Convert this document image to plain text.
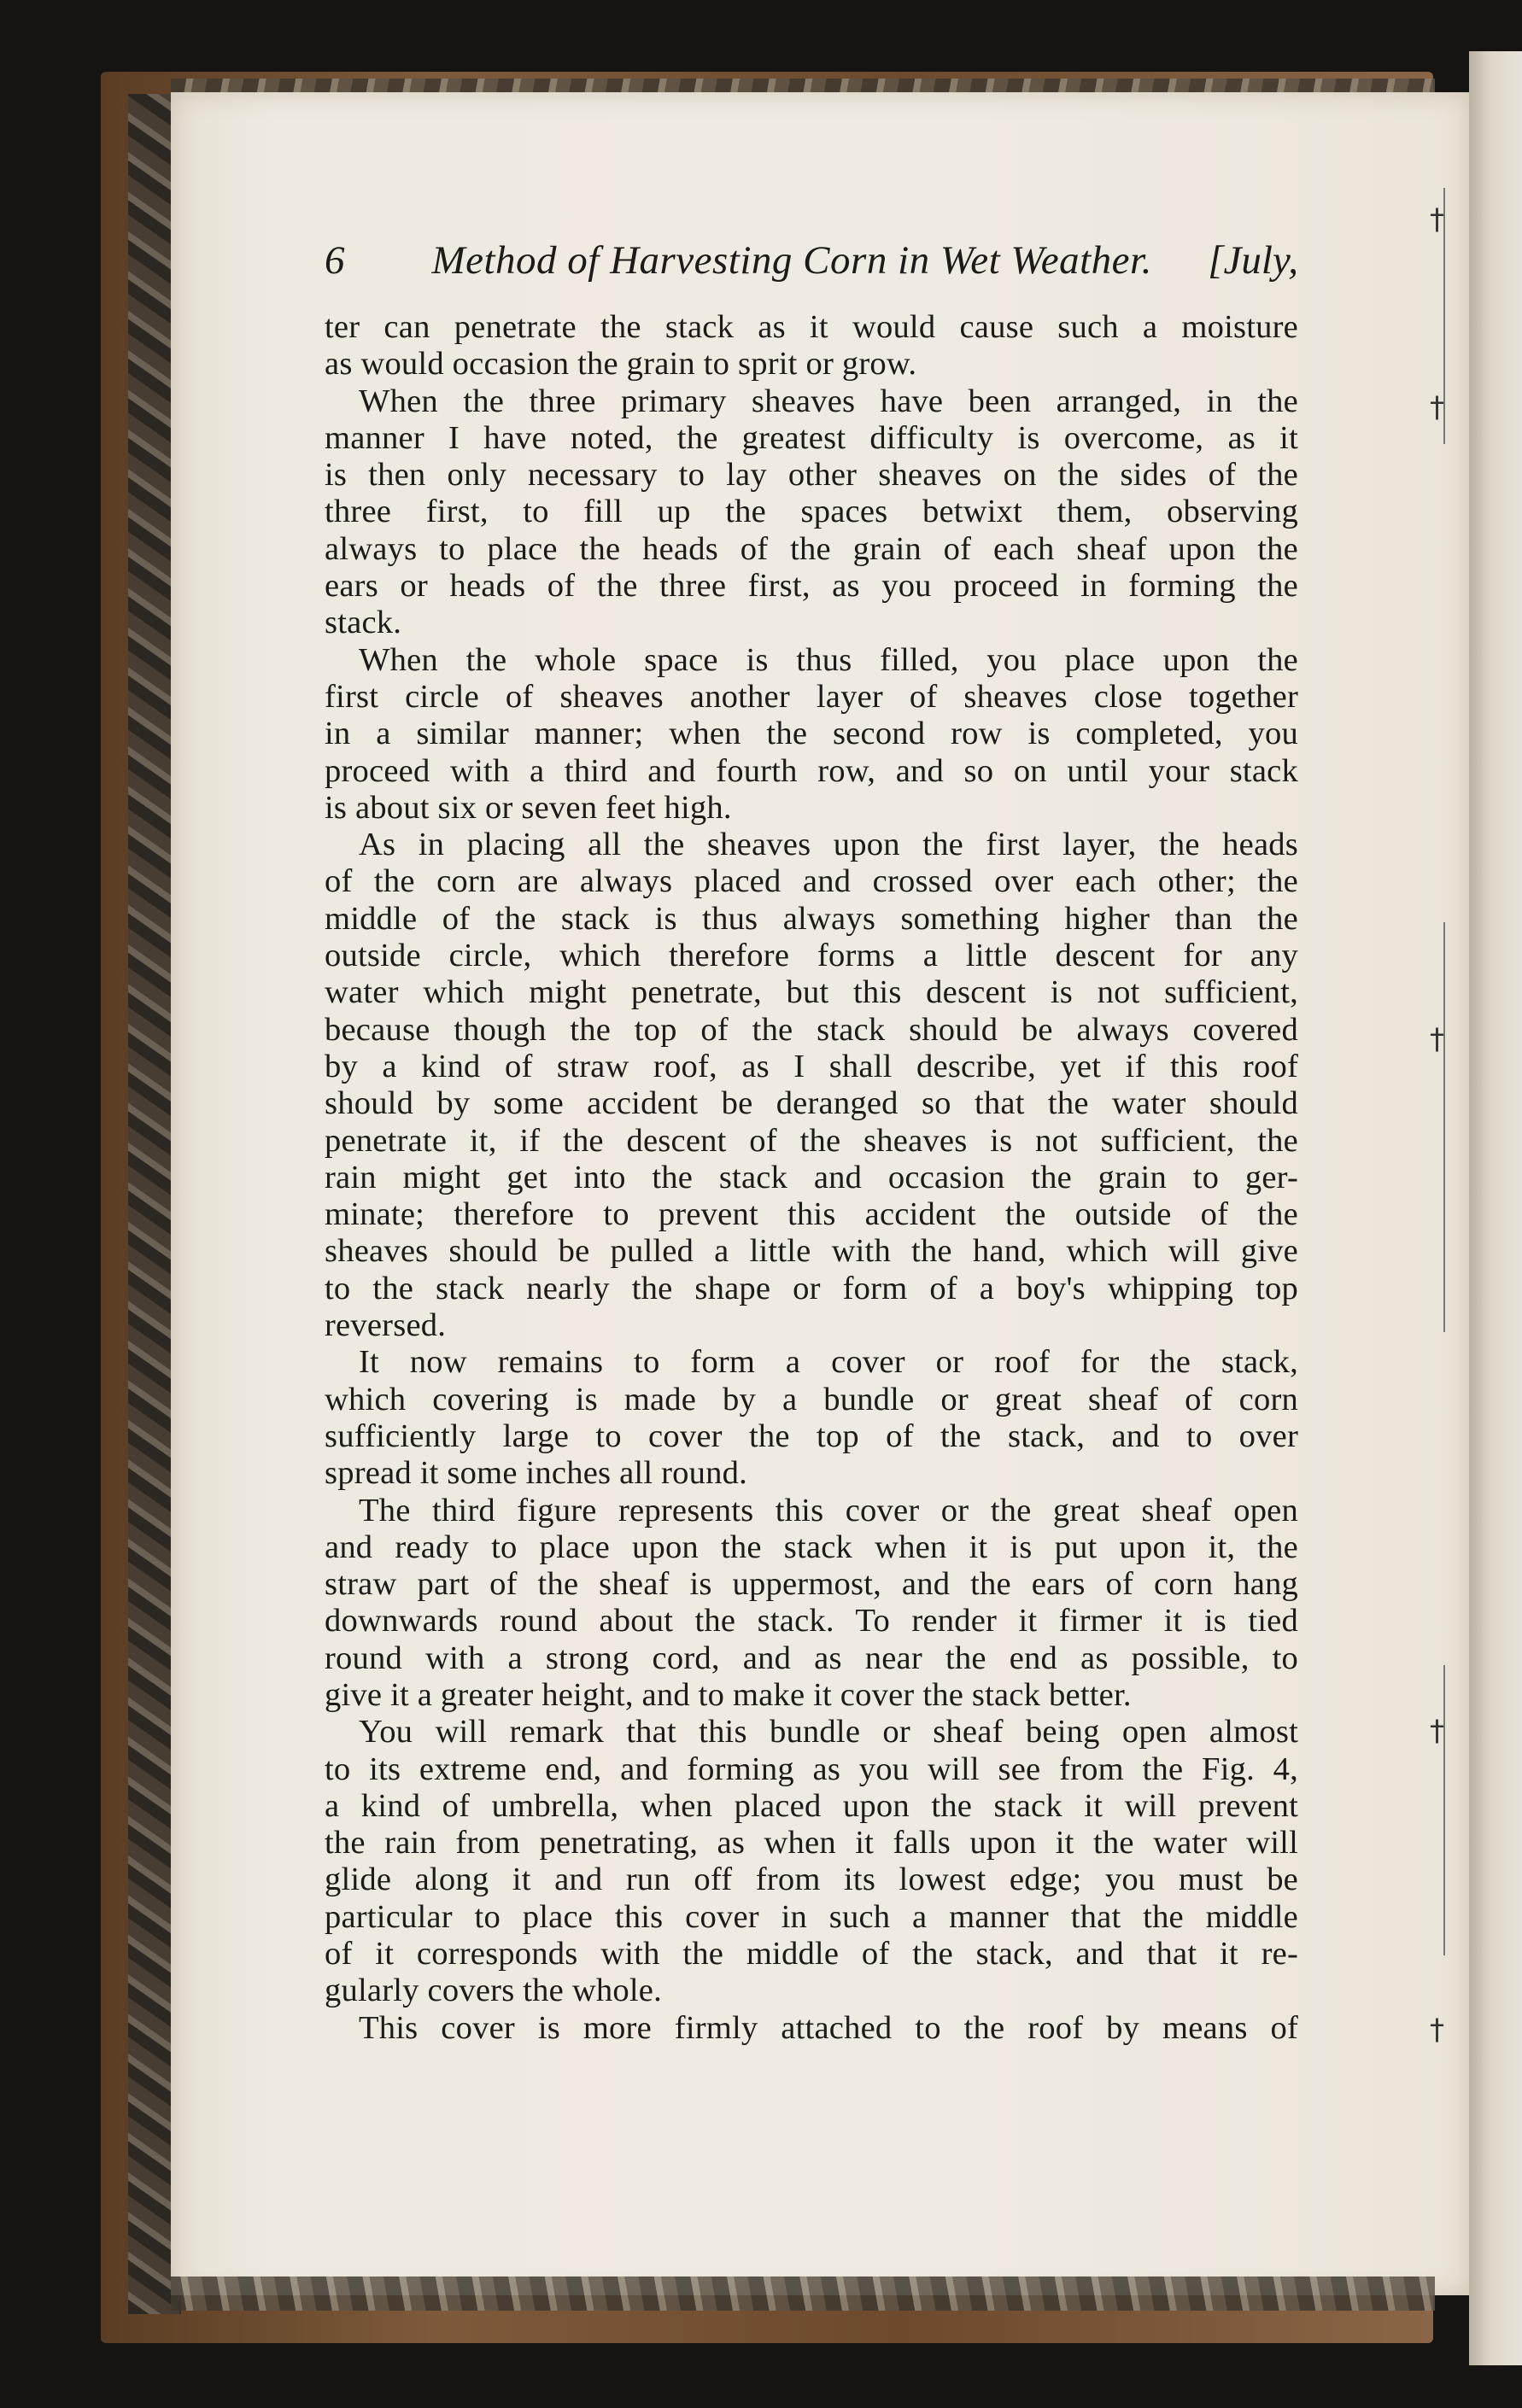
†
†
†
†
†
6	Method of Harvesting Corn in Wet Weather.	[July,
ter can penetrate the stack as it would cause such a moisture
as would occasion the grain to sprit or grow.
When the three primary sheaves have been arranged, in the
manner I have noted, the greatest difficulty is overcome, as it
is then only necessary to lay other sheaves on the sides of the
three first, to fill up the spaces betwixt them, observing
always to place the heads of the grain of each sheaf upon the
ears or heads of the three first, as you proceed in forming the
stack.
When the whole space is thus filled, you place upon the
first circle of sheaves another layer of sheaves close together
in a similar manner; when the second row is completed, you
proceed with a third and fourth row, and so on until your stack
is about six or seven feet high.
As in placing all the sheaves upon the first layer, the heads
of the corn are always placed and crossed over each other; the
middle of the stack is thus always something higher than the
outside circle, which therefore forms a little descent for any
water which might penetrate, but this descent is not sufficient,
because though the top of the stack should be always covered
by a kind of straw roof, as I shall describe, yet if this roof
should by some accident be deranged so that the water should
penetrate it, if the descent of the sheaves is not sufficient, the
rain might get into the stack and occasion the grain to ger-
minate; therefore to prevent this accident the outside of the
sheaves should be pulled a little with the hand, which will give
to the stack nearly the shape or form of a boy's whipping top
reversed.
It now remains to form a cover or roof for the stack,
which covering is made by a bundle or great sheaf of corn
sufficiently large to cover the top of the stack, and to over
spread it some inches all round.
The third figure represents this cover or the great sheaf open
and ready to place upon the stack when it is put upon it, the
straw part of the sheaf is uppermost, and the ears of corn hang
downwards round about the stack. To render it firmer it is tied
round with a strong cord, and as near the end as possible, to
give it a greater height, and to make it cover the stack better.
You will remark that this bundle or sheaf being open almost
to its extreme end, and forming as you will see from the Fig. 4,
a kind of umbrella, when placed upon the stack it will prevent
the rain from penetrating, as when it falls upon it the water will
glide along it and run off from its lowest edge; you must be
particular to place this cover in such a manner that the middle
of it corresponds with the middle of the stack, and that it re-
gularly covers the whole.
This cover is more firmly attached to the roof by means of
